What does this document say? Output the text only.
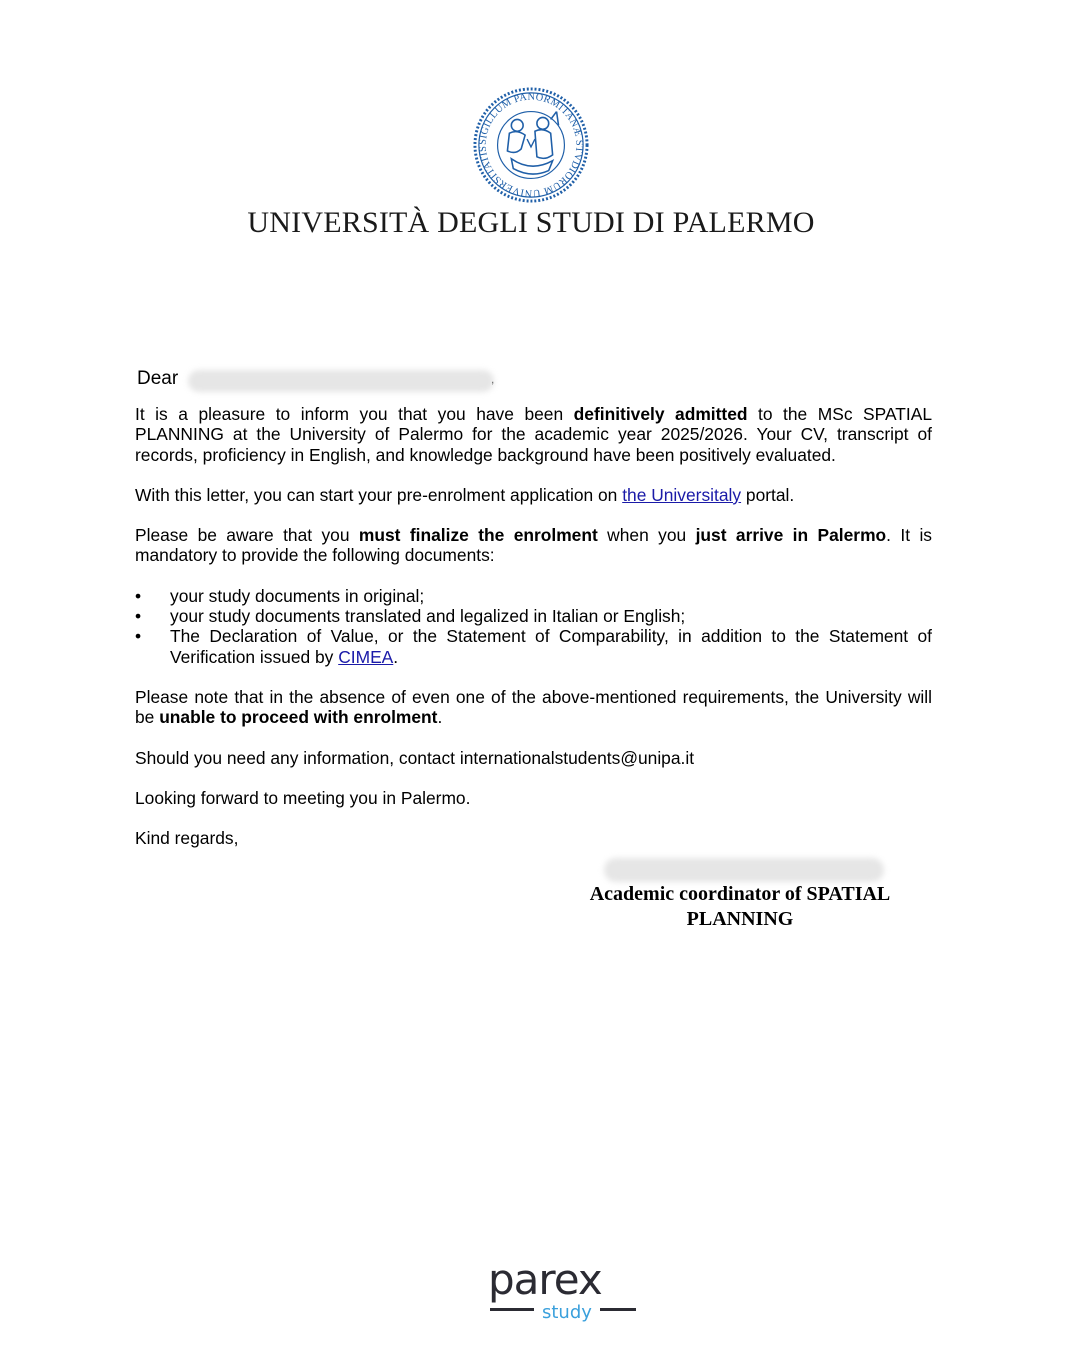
SIGILLUM PANORMITANÆ STVDIORUM UNIVERSITATIS
UNIVERSITÀ DEGLI STUDI DI PALERMO
Dear	,

It is a pleasure to inform you that you have been definitively admitted to the MSc SPATIAL PLANNING at the University of Palermo for the academic year 2025/2026. Your CV, transcript of records, proficiency in English, and knowledge background have been positively evaluated.

With this letter, you can start your pre-enrolment application on the Universitaly portal.

Please be aware that you must finalize the enrolment when you just arrive in Palermo. It is mandatory to provide the following documents:

• your study documents in original;
• your study documents translated and legalized in Italian or English;
• The Declaration of Value, or the Statement of Comparability, in addition to the Statement of Verification issued by CIMEA.

Please note that in the absence of even one of the above-mentioned requirements, the University will be unable to proceed with enrolment.

Should you need any information, contact internationalstudents@unipa.it

Looking forward to meeting you in Palermo.

Kind regards,

Academic coordinator of SPATIAL
PLANNING
parex
study
